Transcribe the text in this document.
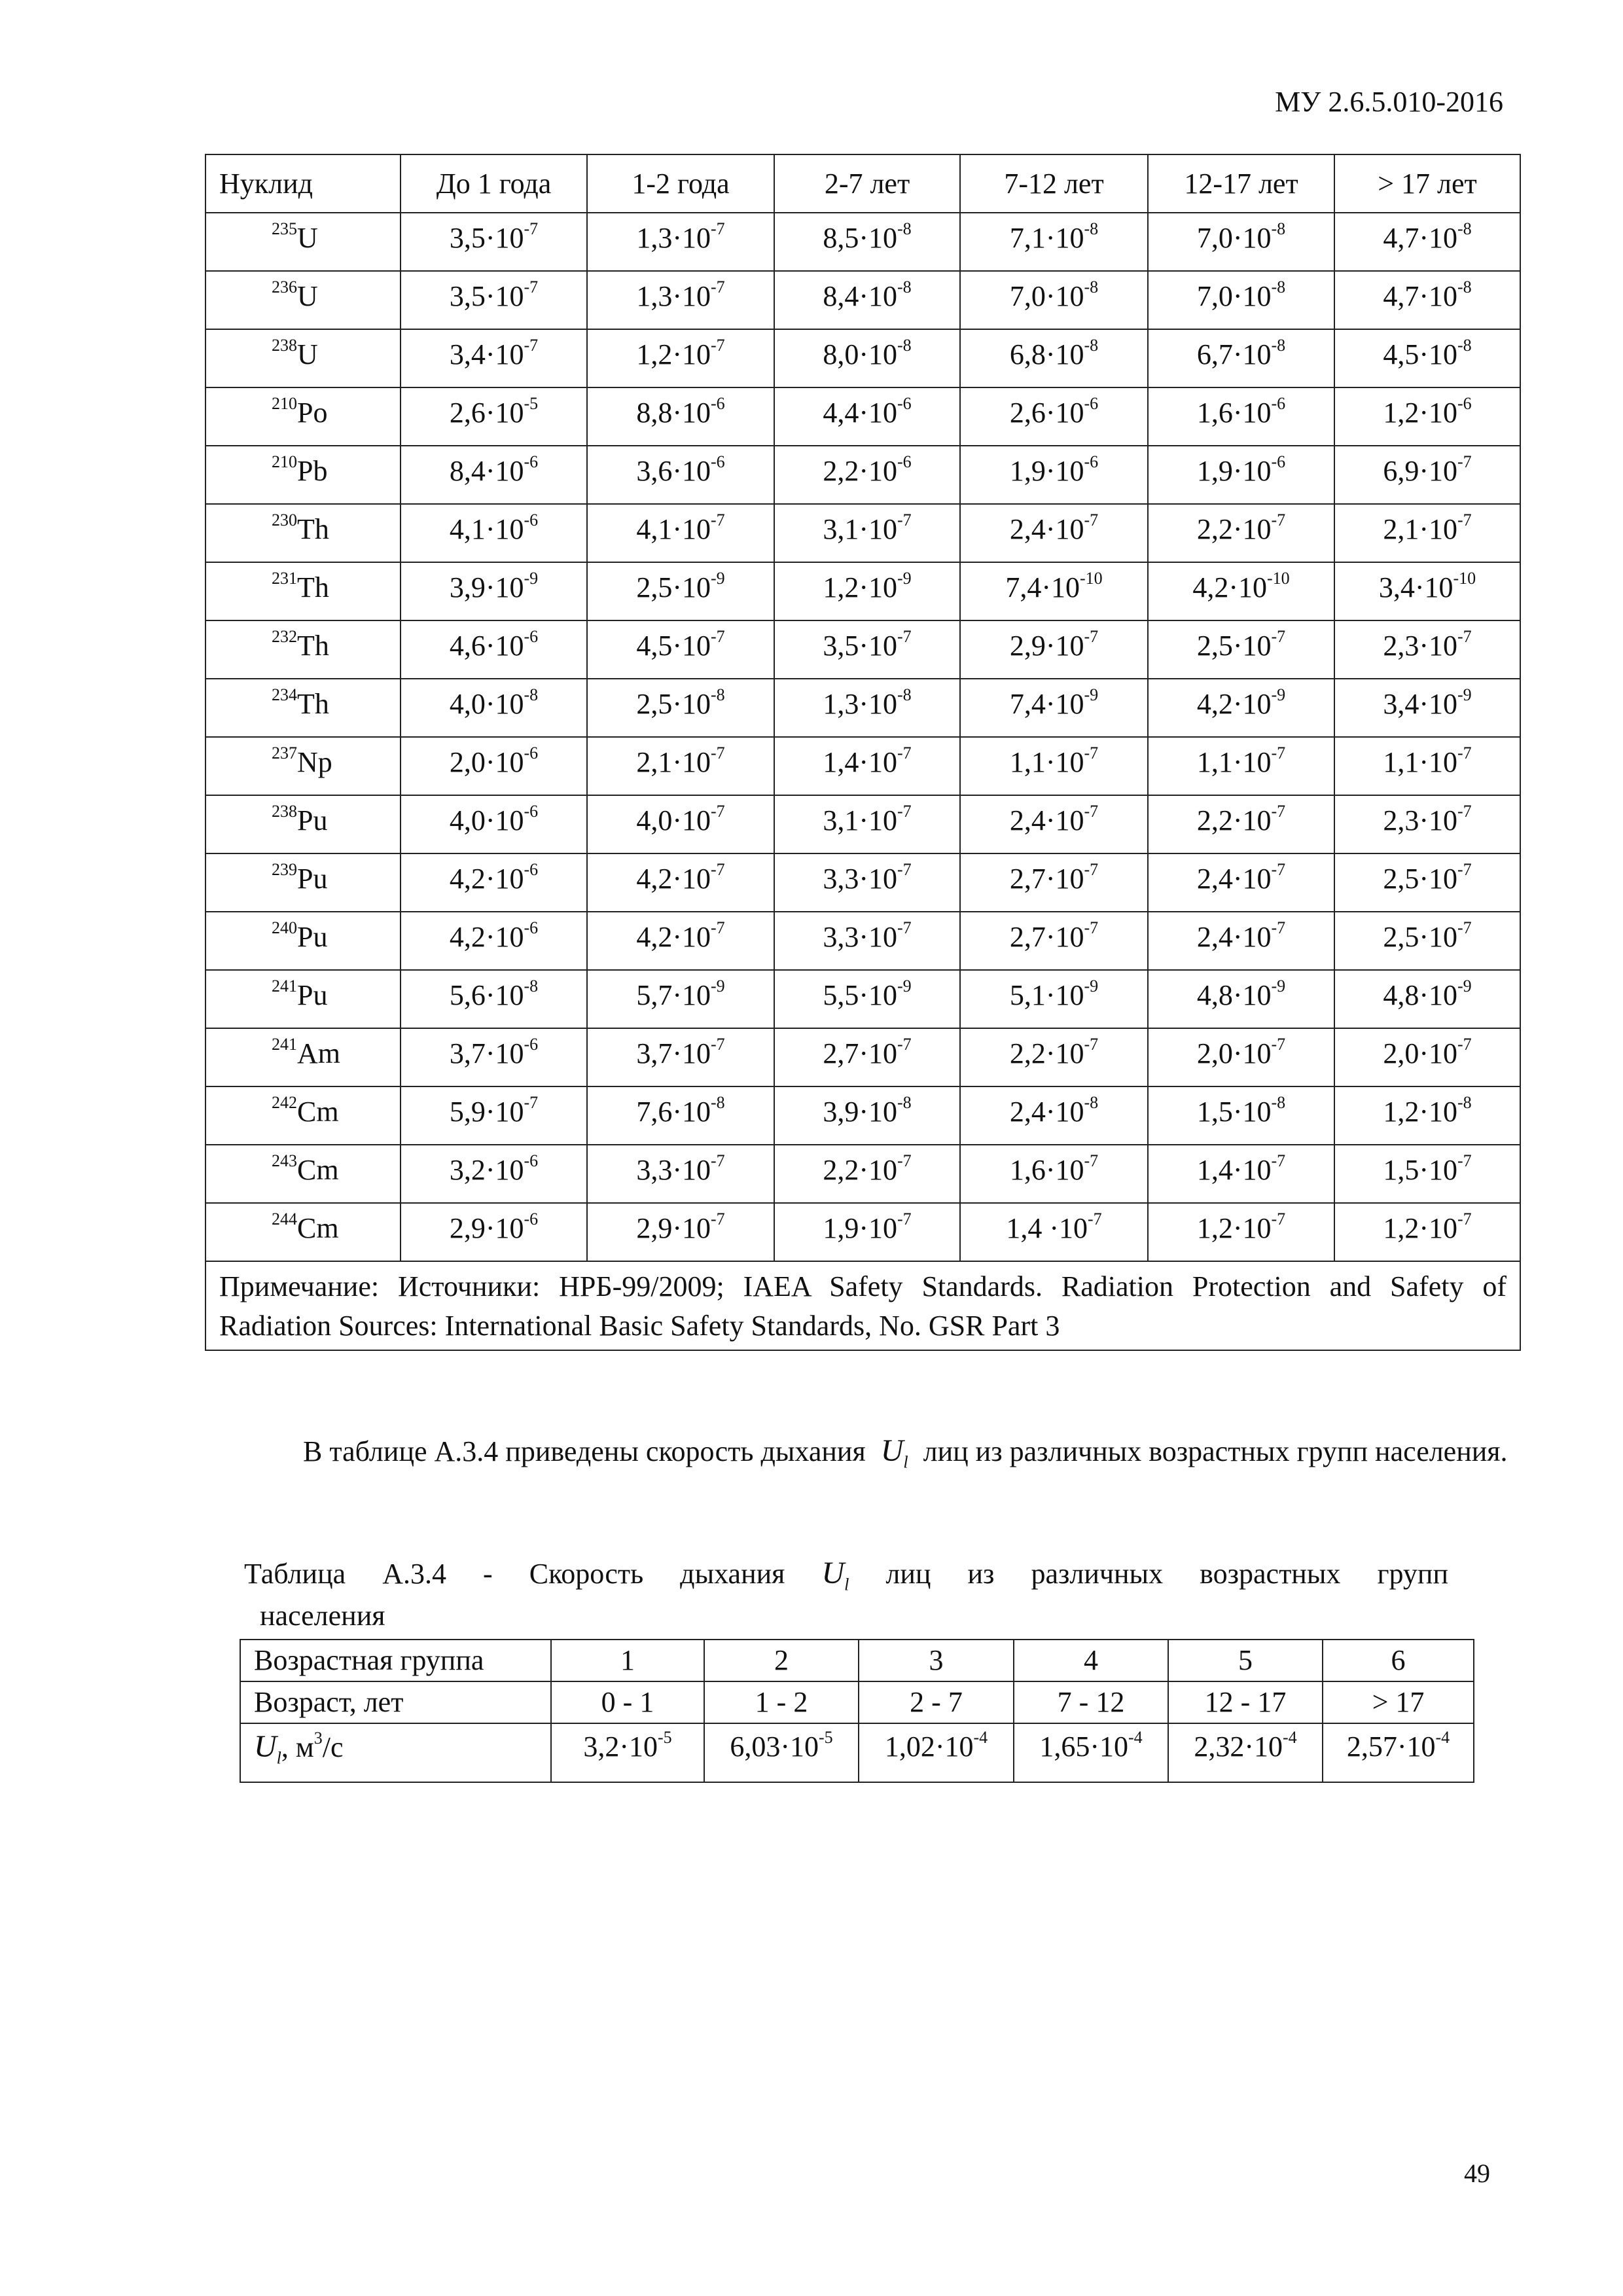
МУ 2.6.5.010-2016
Нуклид	До 1 года	1-2 года	2-7 лет	7-12 лет	12-17 лет	> 17 лет
$^{235}$U	$3,5\cdot 10^{-7}$	$1,3\cdot 10^{-7}$	$8,5\cdot 10^{-8}$	$7,1\cdot 10^{-8}$	$7,0\cdot 10^{-8}$	$4,7\cdot 10^{-8}$
$^{236}$U	$3,5\cdot 10^{-7}$	$1,3\cdot 10^{-7}$	$8,4\cdot 10^{-8}$	$7,0\cdot 10^{-8}$	$7,0\cdot 10^{-8}$	$4,7\cdot 10^{-8}$
$^{238}$U	$3,4\cdot 10^{-7}$	$1,2\cdot 10^{-7}$	$8,0\cdot 10^{-8}$	$6,8\cdot 10^{-8}$	$6,7\cdot 10^{-8}$	$4,5\cdot 10^{-8}$
$^{210}$Po	$2,6\cdot 10^{-5}$	$8,8\cdot 10^{-6}$	$4,4\cdot 10^{-6}$	$2,6\cdot 10^{-6}$	$1,6\cdot 10^{-6}$	$1,2\cdot 10^{-6}$
$^{210}$Pb	$8,4\cdot 10^{-6}$	$3,6\cdot 10^{-6}$	$2,2\cdot 10^{-6}$	$1,9\cdot 10^{-6}$	$1,9\cdot 10^{-6}$	$6,9\cdot 10^{-7}$
$^{230}$Th	$4,1\cdot 10^{-6}$	$4,1\cdot 10^{-7}$	$3,1\cdot 10^{-7}$	$2,4\cdot 10^{-7}$	$2,2\cdot 10^{-7}$	$2,1\cdot 10^{-7}$
$^{231}$Th	$3,9\cdot 10^{-9}$	$2,5\cdot 10^{-9}$	$1,2\cdot 10^{-9}$	$7,4\cdot 10^{-10}$	$4,2\cdot 10^{-10}$	$3,4\cdot 10^{-10}$
$^{232}$Th	$4,6\cdot 10^{-6}$	$4,5\cdot 10^{-7}$	$3,5\cdot 10^{-7}$	$2,9\cdot 10^{-7}$	$2,5\cdot 10^{-7}$	$2,3\cdot 10^{-7}$
$^{234}$Th	$4,0\cdot 10^{-8}$	$2,5\cdot 10^{-8}$	$1,3\cdot 10^{-8}$	$7,4\cdot 10^{-9}$	$4,2\cdot 10^{-9}$	$3,4\cdot 10^{-9}$
$^{237}$Np	$2,0\cdot 10^{-6}$	$2,1\cdot 10^{-7}$	$1,4\cdot 10^{-7}$	$1,1\cdot 10^{-7}$	$1,1\cdot 10^{-7}$	$1,1\cdot 10^{-7}$
$^{238}$Pu	$4,0\cdot 10^{-6}$	$4,0\cdot 10^{-7}$	$3,1\cdot 10^{-7}$	$2,4\cdot 10^{-7}$	$2,2\cdot 10^{-7}$	$2,3\cdot 10^{-7}$
$^{239}$Pu	$4,2\cdot 10^{-6}$	$4,2\cdot 10^{-7}$	$3,3\cdot 10^{-7}$	$2,7\cdot 10^{-7}$	$2,4\cdot 10^{-7}$	$2,5\cdot 10^{-7}$
$^{240}$Pu	$4,2\cdot 10^{-6}$	$4,2\cdot 10^{-7}$	$3,3\cdot 10^{-7}$	$2,7\cdot 10^{-7}$	$2,4\cdot 10^{-7}$	$2,5\cdot 10^{-7}$
$^{241}$Pu	$5,6\cdot 10^{-8}$	$5,7\cdot 10^{-9}$	$5,5\cdot 10^{-9}$	$5,1\cdot 10^{-9}$	$4,8\cdot 10^{-9}$	$4,8\cdot 10^{-9}$
$^{241}$Am	$3,7\cdot 10^{-6}$	$3,7\cdot 10^{-7}$	$2,7\cdot 10^{-7}$	$2,2\cdot 10^{-7}$	$2,0\cdot 10^{-7}$	$2,0\cdot 10^{-7}$
$^{242}$Cm	$5,9\cdot 10^{-7}$	$7,6\cdot 10^{-8}$	$3,9\cdot 10^{-8}$	$2,4\cdot 10^{-8}$	$1,5\cdot 10^{-8}$	$1,2\cdot 10^{-8}$
$^{243}$Cm	$3,2\cdot 10^{-6}$	$3,3\cdot 10^{-7}$	$2,2\cdot 10^{-7}$	$1,6\cdot 10^{-7}$	$1,4\cdot 10^{-7}$	$1,5\cdot 10^{-7}$
$^{244}$Cm	$2,9\cdot 10^{-6}$	$2,9\cdot 10^{-7}$	$1,9\cdot 10^{-7}$	$1,4 \cdot 10^{-7}$	$1,2\cdot 10^{-7}$	$1,2\cdot 10^{-7}$
Примечание: Источники: НРБ-99/2009; IAEA Safety Standards. Radiation Protection and Safety of Radiation Sources: International Basic Safety Standards, No. GSR Part 3						

В таблице А.3.4 приведены скорость дыхания $U_l$ лиц из различных возрастных групп населения.

Таблица А.3.4 - Скорость дыхания $U_l$ лиц из различных возрастных групп
населения
Возрастная группа	1	2	3	4	5	6
Возраст, лет	0 - 1	1 - 2	2 - 7	7 - 12	12 - 17	> 17
$U_l$, $м^3/с$	$3,2\cdot 10^{-5}$	$6,03\cdot 10^{-5}$	$1,02\cdot 10^{-4}$	$1,65\cdot 10^{-4}$	$2,32\cdot 10^{-4}$	$2,57\cdot 10^{-4}$
49
